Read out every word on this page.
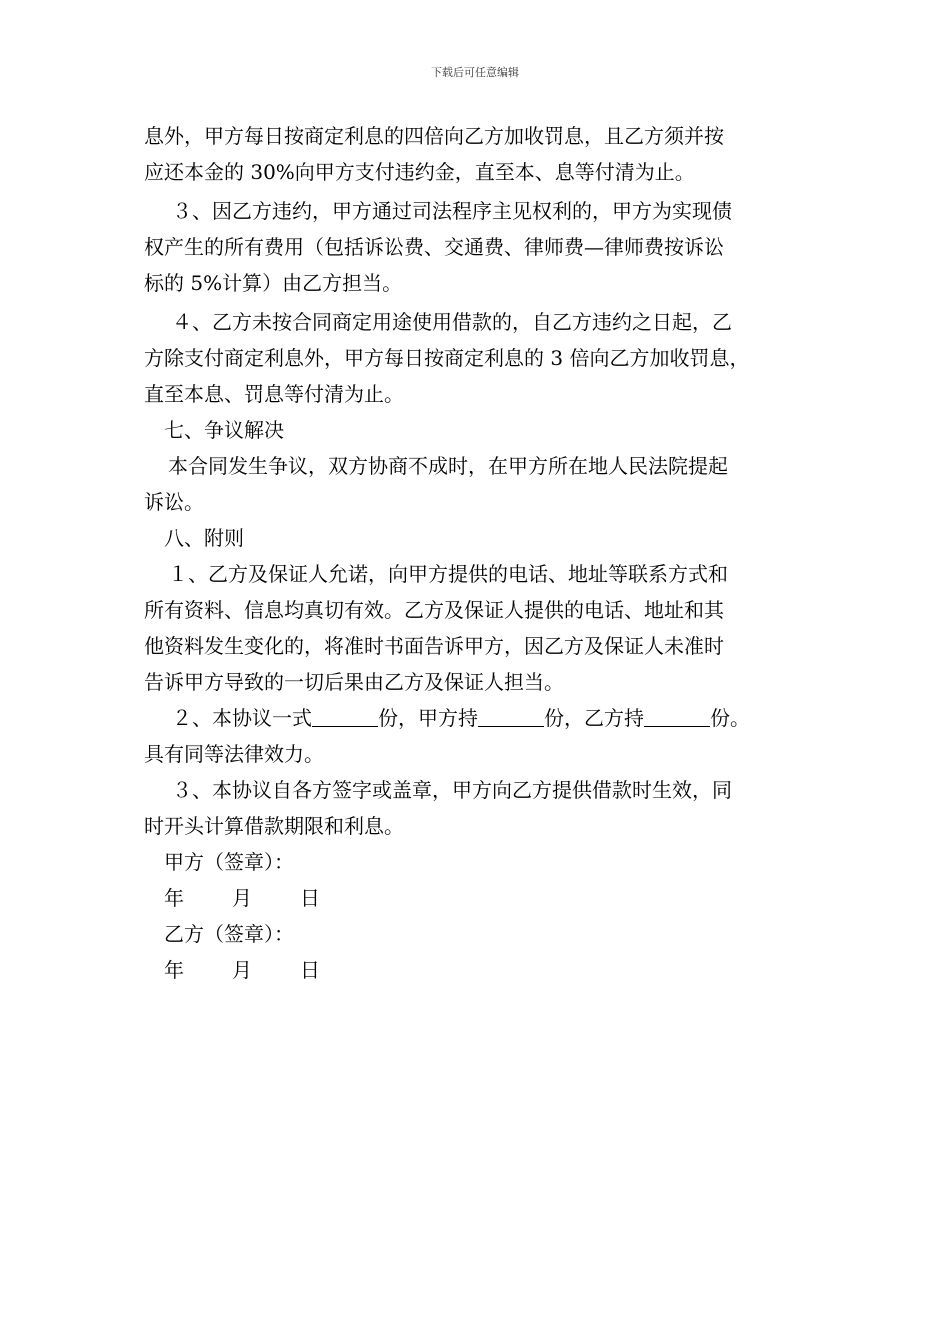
下载后可任意编辑

息外，甲方每日按商定利息的四倍向乙方加收罚息，且乙方须并按

应还本金的 30%向甲方支付违约金，直至本、息等付清为止。

３、因乙方违约，甲方通过司法程序主见权利的，甲方为实现债

权产生的所有费用（包括诉讼费、交通费、律师费—律师费按诉讼

标的 5%计算）由乙方担当。

４、乙方未按合同商定用途使用借款的，自乙方违约之日起，乙

方除支付商定利息外，甲方每日按商定利息的 3 倍向乙方加收罚息，

直至本息、罚息等付清为止。

七、争议解决

本合同发生争议，双方协商不成时，在甲方所在地人民法院提起

诉讼。

八、附则

１、乙方及保证人允诺，向甲方提供的电话、地址等联系方式和

所有资料、信息均真切有效。乙方及保证人提供的电话、地址和其

他资料发生变化的，将准时书面告诉甲方，因乙方及保证人未准时

告诉甲方导致的一切后果由乙方及保证人担当。

２、本协议一式	份，甲方持	份，乙方持	份。

具有同等法律效力。

３、本协议自各方签字或盖章，甲方向乙方提供借款时生效，同

时开头计算借款期限和利息。

甲方（签章）：

年 月 日

乙方（签章）：

年 月 日
